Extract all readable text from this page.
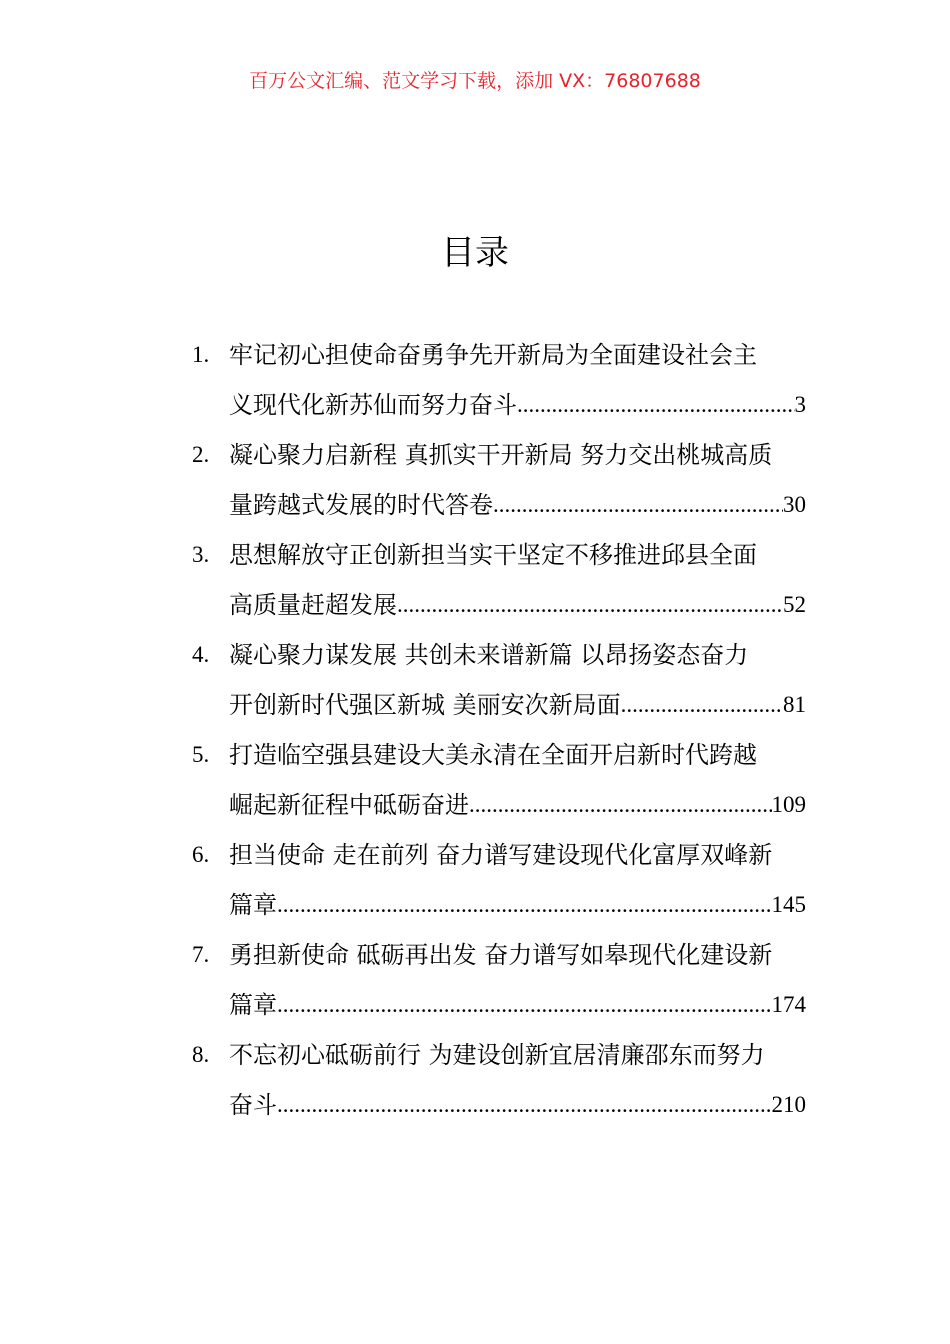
百万公文汇编、范文学习下载，添加 VX：76807688
目录
1. 牢记初心担使命奋勇争先开新局为全面建设社会主
义现代化新苏仙而努力奋斗 .....	3
2. 凝心聚力启新程 真抓实干开新局 努力交出桃城高质
量跨越式发展的时代答卷 .....	30
3. 思想解放守正创新担当实干坚定不移推进邱县全面
高质量赶超发展 .....	52
4. 凝心聚力谋发展 共创未来谱新篇 以昂扬姿态奋力
开创新时代强区新城 美丽安次新局面 .....	81
5. 打造临空强县建设大美永清在全面开启新时代跨越
崛起新征程中砥砺奋进 .....	109
6. 担当使命 走在前列 奋力谱写建设现代化富厚双峰新
篇章 .....	145
7. 勇担新使命 砥砺再出发 奋力谱写如皋现代化建设新
篇章 .....	174
8. 不忘初心砥砺前行 为建设创新宜居清廉邵东而努力
奋斗 .....	210
